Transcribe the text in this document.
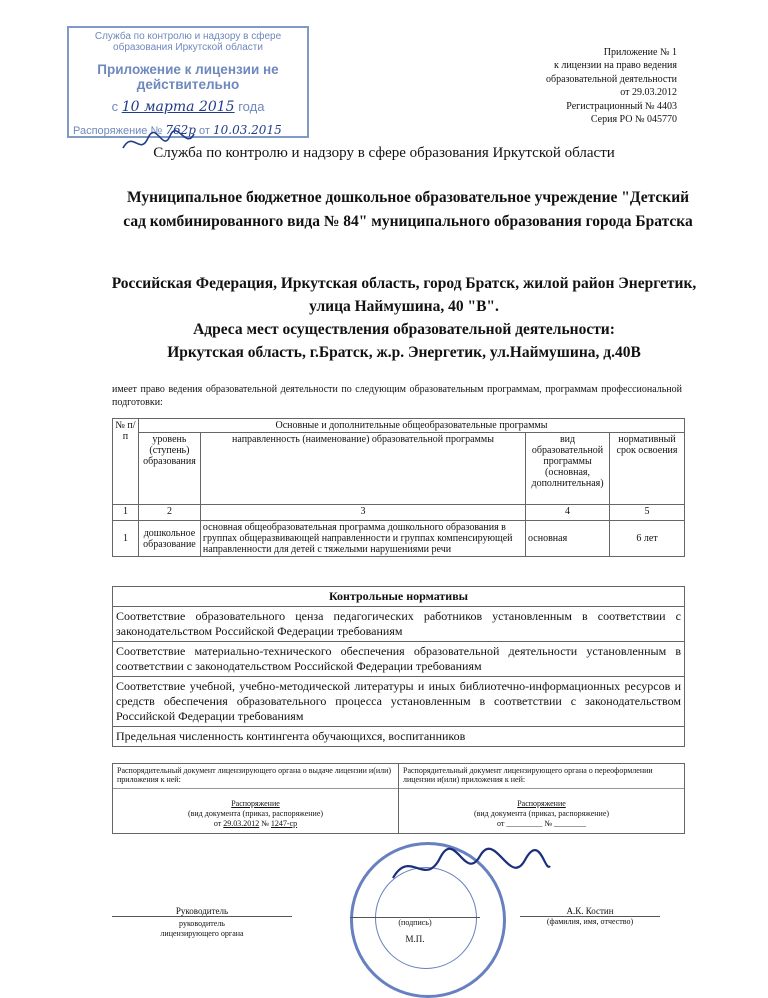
Служба по контролю и надзору в сфере образования Иркутской области
Приложение к лицензии не действительно
с 10 марта 2015 года
Распоряжение № 762р от 10.03.2015
Приложение № 1
к лицензии на право ведения
образовательной деятельности
от 29.03.2012
Регистрационный № 4403
Серия РО № 045770
Служба по контролю и надзору в сфере образования Иркутской области
Муниципальное бюджетное дошкольное образовательное учреждение "Детский сад комбинированного вида № 84" муниципального образования города Братска
Российская Федерация, Иркутская область, город Братск, жилой район Энергетик, улица Наймушина, 40 "В".
Адреса мест осуществления образовательной деятельности:
Иркутская область, г.Братск, ж.р. Энергетик, ул.Наймушина, д.40В
имеет право ведения образовательной деятельности по следующим образовательным программам, программам профессиональной подготовки:
№ п/п	Основные и дополнительные общеобразовательные программы			
	уровень (ступень) образования	направленность (наименование) образовательной программы	вид образовательной программы (основная, дополнительная)	нормативный срок освоения
1	2	3	4	5
1	дошкольное образование	основная общеобразовательная программа дошкольного образования в группах общеразвивающей направленности и группах компенсирующей направленности для детей с тяжелыми нарушениями речи	основная	6 лет
Контрольные нормативы
Соответствие образовательного ценза педагогических работников установленным в соответствии с законодательством Российской Федерации требованиям
Соответствие материально-технического обеспечения образовательной деятельности установленным в соответствии с законодательством Российской Федерации требованиям
Соответствие учебной, учебно-методической литературы и иных библиотечно-информационных ресурсов и средств обеспечения образовательного процесса установленным в соответствии с законодательством Российской Федерации требованиям
Предельная численность контингента обучающихся, воспитанников
Распорядительный документ лицензирующего органа о выдаче лицензии и(или) приложения к ней:
Распоряжение
(вид документа (приказ, распоряжение)
от 29.03.2012 № 1247-ср

Распорядительный документ лицензирующего органа о переоформлении лицензии и(или) приложения к ней:
Распоряжение
(вид документа (приказ, распоряжение)
от _________ № ________
Руководитель
руководитель лицензирующего органа
(подпись)
М.П.
А.К. Костин
(фамилия, имя, отчество)
